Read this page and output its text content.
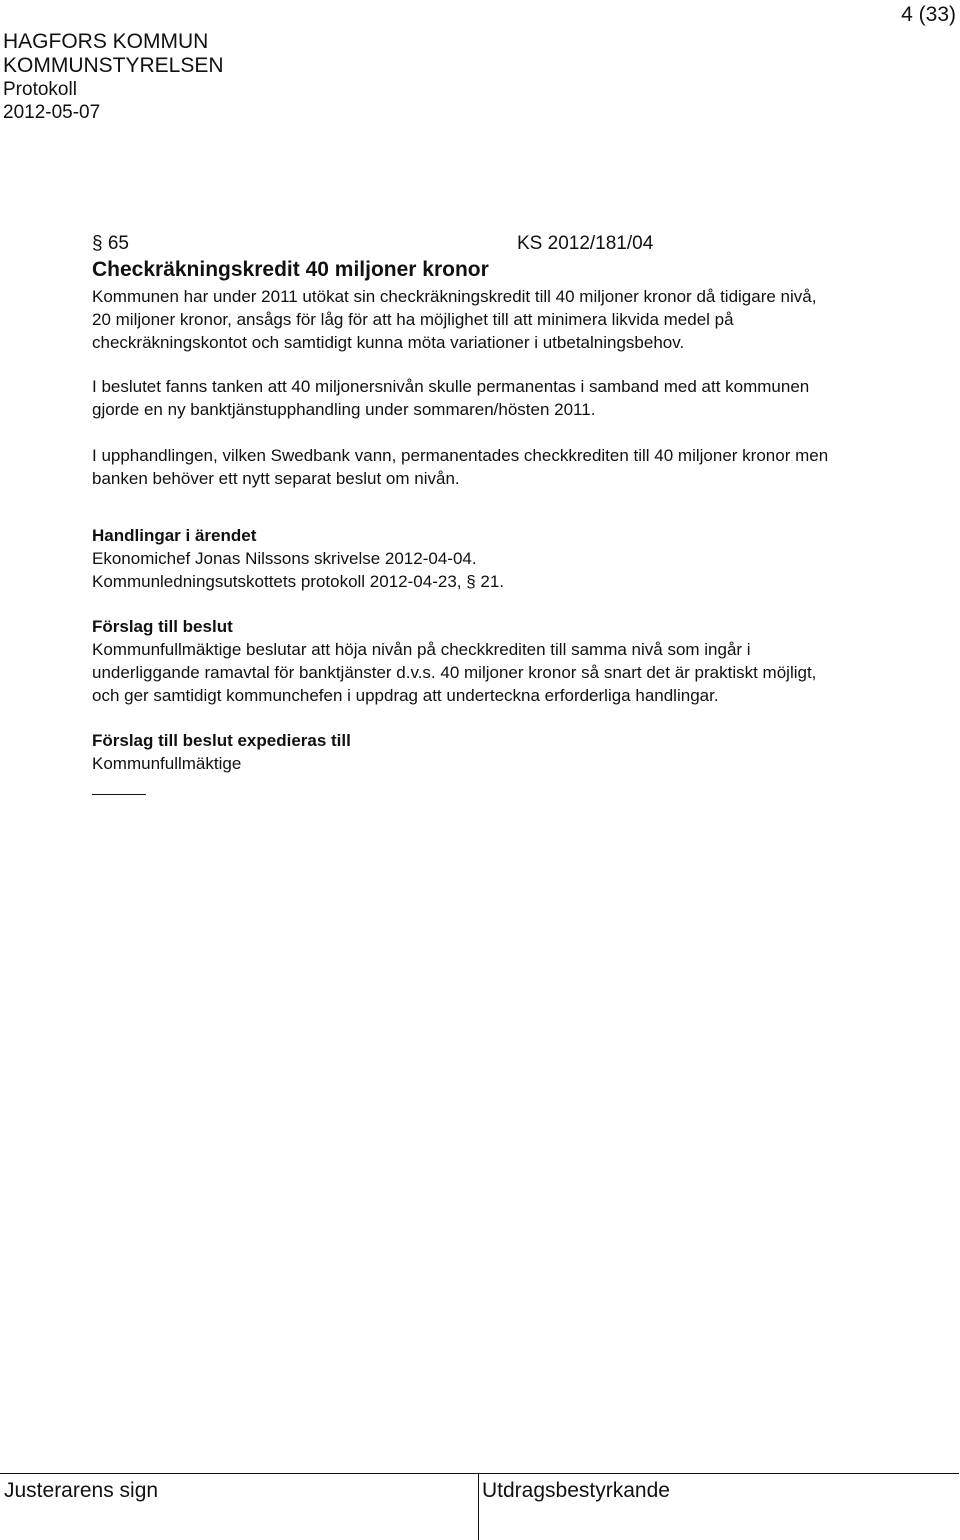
HAGFORS KOMMUN
KOMMUNSTYRELSEN
Protokoll
2012-05-07
4 (33)
§ 65	KS 2012/181/04
Checkräkningskredit 40 miljoner kronor
Kommunen har under 2011 utökat sin checkräkningskredit till 40 miljoner kronor då tidigare nivå,
20 miljoner kronor, ansågs för låg för att ha möjlighet till att minimera likvida medel på
checkräkningskontot och samtidigt kunna möta variationer i utbetalningsbehov.
I beslutet fanns tanken att 40 miljonersnivån skulle permanentas i samband med att kommunen
gjorde en ny banktjänstupphandling under sommaren/hösten 2011.
I upphandlingen, vilken Swedbank vann, permanentades checkkrediten till 40 miljoner kronor men
banken behöver ett nytt separat beslut om nivån.
Handlingar i ärendet
Ekonomichef Jonas Nilssons skrivelse 2012-04-04.
Kommunledningsutskottets protokoll 2012-04-23, § 21.
Förslag till beslut
Kommunfullmäktige beslutar att höja nivån på checkkrediten till samma nivå som ingår i
underliggande ramavtal för banktjänster d.v.s. 40 miljoner kronor så snart det är praktiskt möjligt,
och ger samtidigt kommunchefen i uppdrag att underteckna erforderliga handlingar.
Förslag till beslut expedieras till
Kommunfullmäktige
Justerarens sign	Utdragsbestyrkande
